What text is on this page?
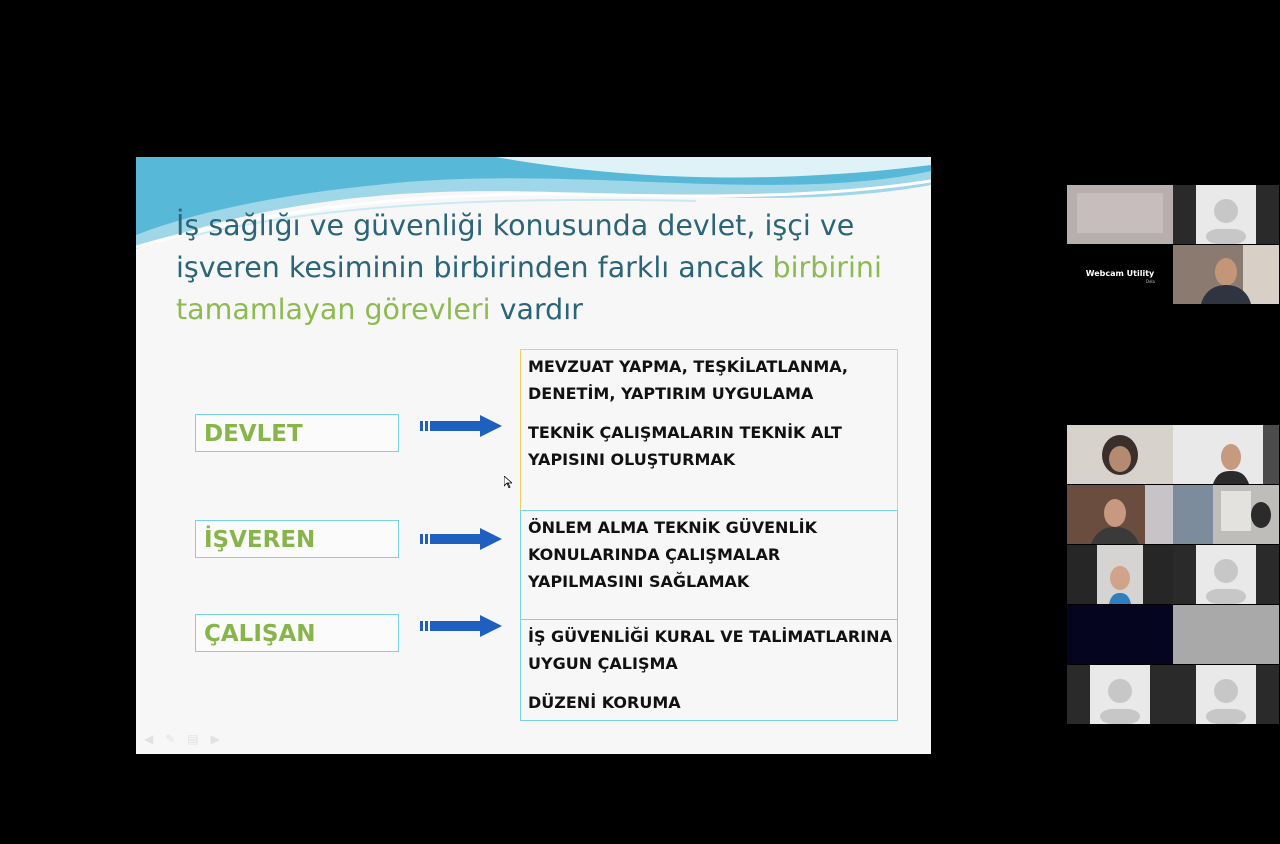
İş sağlığı ve güvenliği konusunda devlet, işçi ve işveren kesiminin birbirinden farklı ancak birbirini tamamlayan görevleri vardır
DEVLET

MEVZUAT YAPMA, TEŞKİLATLANMA, DENETİM, YAPTIRIM UYGULAMA

TEKNİK ÇALIŞMALARIN TEKNİK ALT YAPISINI OLUŞTURMAK

İŞVEREN	ÖNLEM ALMA TEKNİK GÜVENLİK KONULARINDA ÇALIŞMALAR YAPILMASINI SAĞLAMAK

ÇALIŞAN	İŞ GÜVENLİĞİ KURAL VE TALİMATLARINA UYGUN ÇALIŞMA

DÜZENİ KORUMA

◀ ✎ ▤ ▶
Webcam Utility
Dela
